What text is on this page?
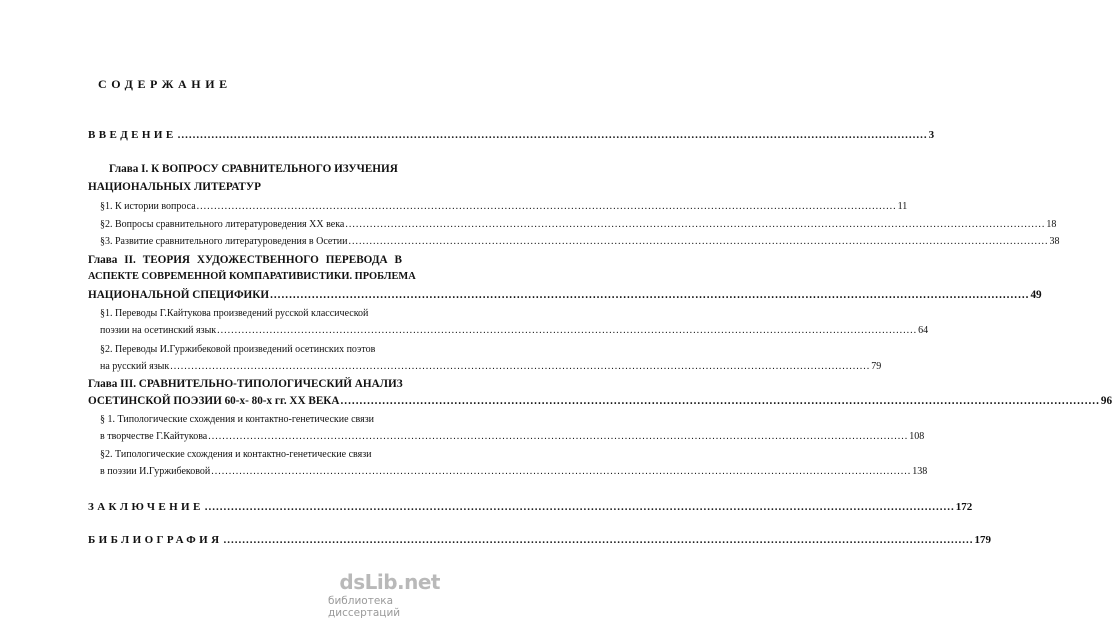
СОДЕРЖАНИЕ
ВВЕДЕНИЕ ........................................................................................................................................................................................................ 3
Глава I. К ВОПРОСУ СРАВНИТЕЛЬНОГО ИЗУЧЕНИЯ
НАЦИОНАЛЬНЫХ ЛИТЕРАТУР
§1. К истории вопроса ........................................................................................................................................................................................................ 11
§2. Вопросы сравнительного литературоведения XX века ........................................................................................................................................................................................................ 18
§3. Развитие сравнительного литературоведения в Осетии ........................................................................................................................................................................................................ 38
Глава II. ТЕОРИЯ ХУДОЖЕСТВЕННОГО ПЕРЕВОДА В
АСПЕКТЕ СОВРЕМЕННОЙ КОМПАРАТИВИСТИКИ. ПРОБЛЕМА
НАЦИОНАЛЬНОЙ СПЕЦИФИКИ ........................................................................................................................................................................................................ 49
§1. Переводы Г.Кайтукова произведений русской классической
поэзии на осетинский язык ........................................................................................................................................................................................................ 64
§2. Переводы И.Гуржибековой произведений осетинских поэтов
на русский язык ........................................................................................................................................................................................................ 79
Глава III. СРАВНИТЕЛЬНО-ТИПОЛОГИЧЕСКИЙ АНАЛИЗ
ОСЕТИНСКОЙ ПОЭЗИИ 60-х- 80-х гг. XX ВЕКА ........................................................................................................................................................................................................ 96
§ 1. Типологические схождения и контактно-генетические связи
в творчестве Г.Кайтукова ........................................................................................................................................................................................................ 108
§2. Типологические схождения и контактно-генетические связи
в поэзии И.Гуржибековой ........................................................................................................................................................................................................ 138
ЗАКЛЮЧЕНИЕ ........................................................................................................................................................................................................ 172
БИБЛИОГРАФИЯ ........................................................................................................................................................................................................ 179
dsLib.net
библиотека диссертаций
